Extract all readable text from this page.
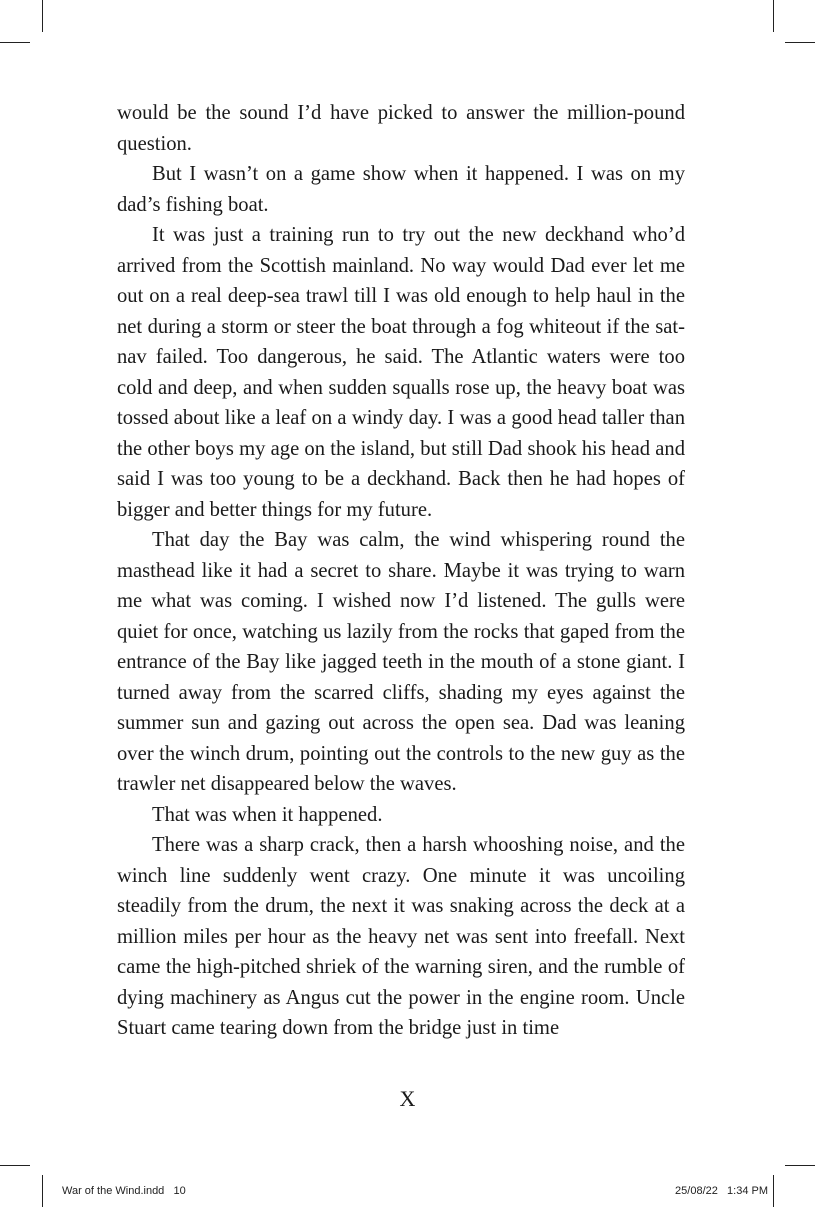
would be the sound I’d have picked to answer the million-pound question.

But I wasn’t on a game show when it happened. I was on my dad’s fishing boat.

It was just a training run to try out the new deckhand who’d arrived from the Scottish mainland. No way would Dad ever let me out on a real deep-sea trawl till I was old enough to help haul in the net during a storm or steer the boat through a fog whiteout if the sat-nav failed. Too dangerous, he said. The Atlantic waters were too cold and deep, and when sudden squalls rose up, the heavy boat was tossed about like a leaf on a windy day. I was a good head taller than the other boys my age on the island, but still Dad shook his head and said I was too young to be a deckhand. Back then he had hopes of bigger and better things for my future.

That day the Bay was calm, the wind whispering round the masthead like it had a secret to share. Maybe it was trying to warn me what was coming. I wished now I’d listened. The gulls were quiet for once, watching us lazily from the rocks that gaped from the entrance of the Bay like jagged teeth in the mouth of a stone giant. I turned away from the scarred cliffs, shading my eyes against the summer sun and gazing out across the open sea. Dad was leaning over the winch drum, pointing out the controls to the new guy as the trawler net disappeared below the waves.

That was when it happened.

There was a sharp crack, then a harsh whooshing noise, and the winch line suddenly went crazy. One minute it was uncoiling steadily from the drum, the next it was snaking across the deck at a million miles per hour as the heavy net was sent into freefall. Next came the high-pitched shriek of the warning siren, and the rumble of dying machinery as Angus cut the power in the engine room. Uncle Stuart came tearing down from the bridge just in time

X
War of the Wind.indd   10	25/08/22   1:34 PM
